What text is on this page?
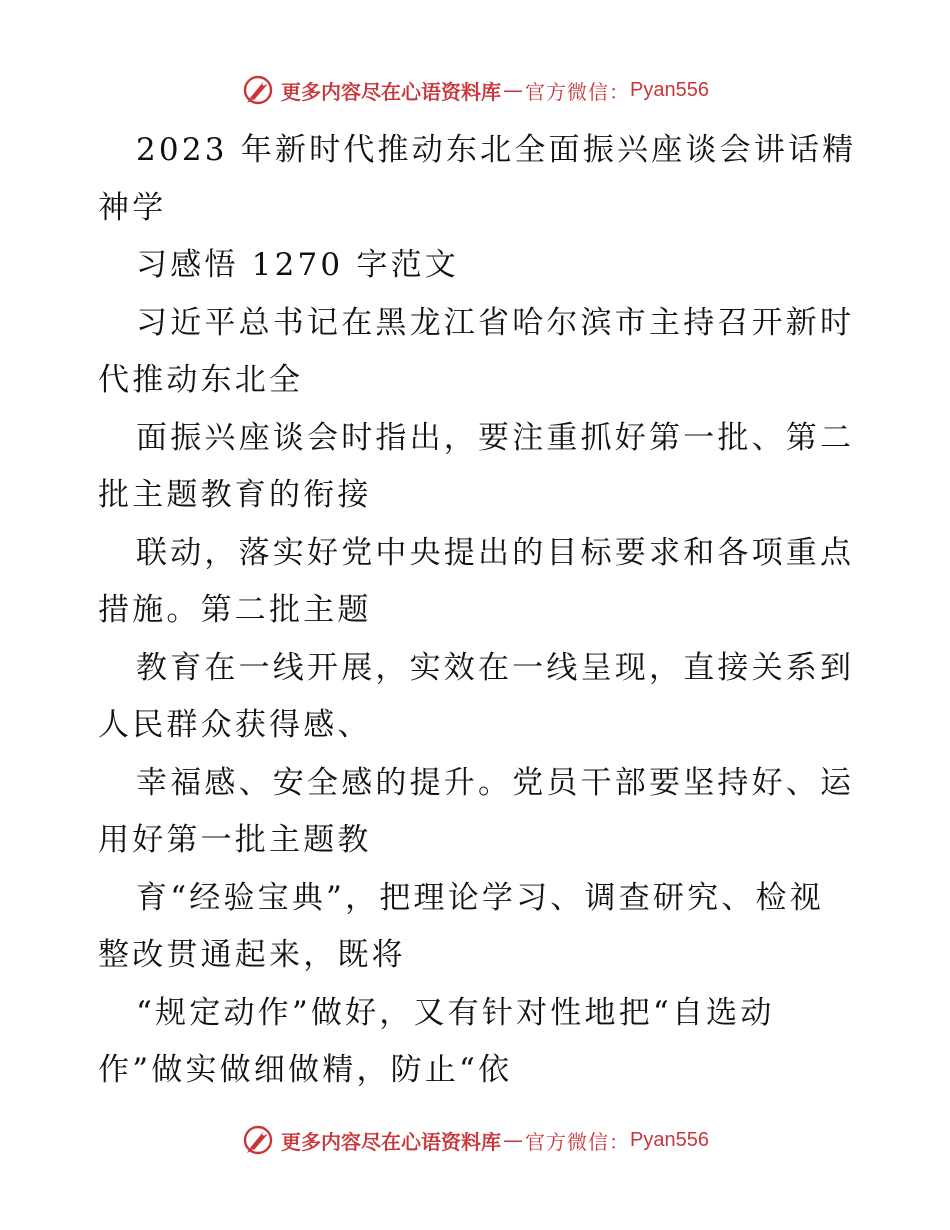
更多内容尽在心语资料库 — 官方微信： Pyan556
2023 年新时代推动东北全面振兴座谈会讲话精
神学
习感悟 1270 字范文
习近平总书记在黑龙江省哈尔滨市主持召开新时
代推动东北全
面振兴座谈会时指出，要注重抓好第一批、第二
批主题教育的衔接
联动，落实好党中央提出的目标要求和各项重点
措施。第二批主题
教育在一线开展，实效在一线呈现，直接关系到
人民群众获得感、
幸福感、安全感的提升。党员干部要坚持好、运
用好第一批主题教
育“经验宝典”，把理论学习、调查研究、检视
整改贯通起来，既将
“规定动作”做好，又有针对性地把“自选动
作”做实做细做精，防止“依
更多内容尽在心语资料库 — 官方微信： Pyan556
